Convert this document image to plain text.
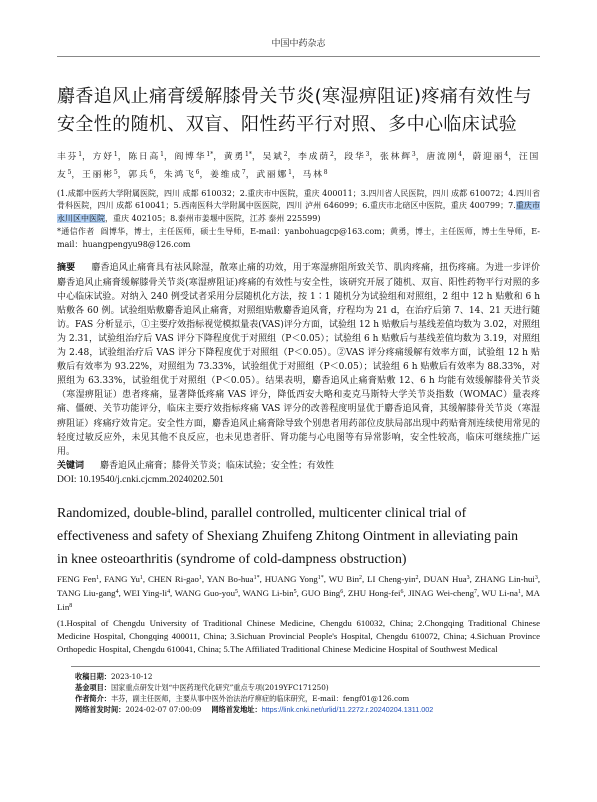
中国中药杂志
麝香追风止痛膏缓解膝骨关节炎(寒湿痹阻证)疼痛有效性与安全性的随机、双盲、阳性药平行对照、多中心临床试验
丰芬$^1$，方妤$^1$，陈日高$^1$，阎博华$^{1*}$，黄勇$^{1*}$，吴斌$^2$，李成荫$^2$，段华$^3$，张林辉$^3$，唐流刚$^4$，蔚迎丽$^4$，汪国友$^5$，王丽彬$^5$，郭兵$^6$，朱鸿飞$^6$，姜维成$^7$，武丽娜$^1$，马林$^8$
(1.成都中医药大学附属医院，四川 成都 610032；2.重庆市中医院，重庆 400011；3.四川省人民医院，四川 成都 610072；4.四川省骨科医院，四川 成都 610041；5.西南医科大学附属中医医院，四川 泸州 646099；6.重庆市北碚区中医院，重庆 400799；7.重庆市永川区中医院，重庆 402105；8.泰州市姜堰中医院，江苏 泰州 225599)
*通信作者 阎博华，博士，主任医师，硕士生导师，E-mail：yanbohuagcp@163.com；黄勇，博士，主任医师，博士生导师，E-mail：huangpengyu98@126.com

摘要 麝香追风止痛膏具有祛风除湿，散寒止痛的功效，用于寒湿痹阻所致关节、肌肉疼痛，扭伤疼痛。为进一步评价麝香追风止痛膏缓解膝骨关节炎(寒湿痹阻证)疼痛的有效性与安全性，该研究开展了随机、双盲、阳性药物平行对照的多中心临床试验。对纳入 240 例受试者采用分层随机化方法，按 1∶1 随机分为试验组和对照组，2 组中 12 h 贴敷和 6 h 贴敷各 60 例。试验组贴敷麝香追风止痛膏，对照组贴敷麝香追风膏，疗程均为 21 d，在治疗后第 7、14、21 天进行随访。FAS 分析显示，①主要疗效指标视觉模拟量表(VAS)评分方面，试验组 12 h 贴敷后与基线差值均数为 3.02，对照组为 2.31，试验组治疗后 VAS 评分下降程度优于对照组（P＜0.05）；试验组 6 h 贴敷后与基线差值均数为 3.19，对照组为 2.48，试验组治疗后 VAS 评分下降程度优于对照组（P＜0.05）。②VAS 评分疼痛缓解有效率方面，试验组 12 h 贴敷后有效率为 93.22%，对照组为 73.33%，试验组优于对照组（P＜0.05）；试验组 6 h 贴敷后有效率为 88.33%，对照组为 63.33%，试验组优于对照组（P＜0.05）。结果表明，麝香追风止痛膏贴敷 12、6 h 均能有效缓解膝骨关节炎（寒湿痹阻证）患者疼痛，显著降低疼痛 VAS 评分，降低西安大略和麦克马斯特大学关节炎指数（WOMAC）量表疼痛、僵硬、关节功能评分，临床主要疗效指标疼痛 VAS 评分的改善程度明显优于麝香追风膏，其缓解膝骨关节炎（寒湿痹阻证）疼痛疗效肯定。安全性方面，麝香追风止痛膏除导致个别患者用药部位皮肤局部出现中药贴膏剂连续使用常见的轻度过敏反应外，未见其他不良反应，也未见患者肝、肾功能与心电图等有异常影响，安全性较高，临床可继续推广运用。

关键词 麝香追风止痛膏；膝骨关节炎；临床试验；安全性；有效性
DOI: 10.19540/j.cnki.cjcmm.20240202.501
Randomized, double-blind, parallel controlled, multicenter clinical trial of effectiveness and safety of Shexiang Zhuifeng Zhitong Ointment in alleviating pain in knee osteoarthritis (syndrome of cold-dampness obstruction)
FENG Fen$^1$, FANG Yu$^1$, CHEN Ri-gao$^1$, YAN Bo-hua$^{1*}$, HUANG Yong$^{1*}$, WU Bin$^2$, LI Cheng-yin$^2$, DUAN Hua$^3$, ZHANG Lin-hui$^3$, TANG Liu-gang$^4$, WEI Ying-li$^4$, WANG Guo-you$^5$, WANG Li-bin$^5$, GUO Bing$^6$, ZHU Hong-fei$^6$, JINAG Wei-cheng$^7$, WU Li-na$^1$, MA Lin$^8$
(1.Hospital of Chengdu University of Traditional Chinese Medicine, Chengdu 610032, China; 2.Chongqing Traditional Chinese Medicine Hospital, Chongqing 400011, China; 3.Sichuan Provincial People's Hospital, Chengdu 610072, China; 4.Sichuan Province Orthopedic Hospital, Chengdu 610041, China; 5.The Affiliated Traditional Chinese Medicine Hospital of Southwest Medical
收稿日期：2023-10-12
基金项目：国家重点研发计划“中医药现代化研究”重点专项(2019YFC171250)
作者简介：丰芬，副主任医师，主要从事中医外治法治疗痹症的临床研究，E-mail：fengf01@126.com
网络首发时间：2024-02-07 07:00:09 网络首发地址：https://link.cnki.net/urlid/11.2272.r.20240204.1311.002
